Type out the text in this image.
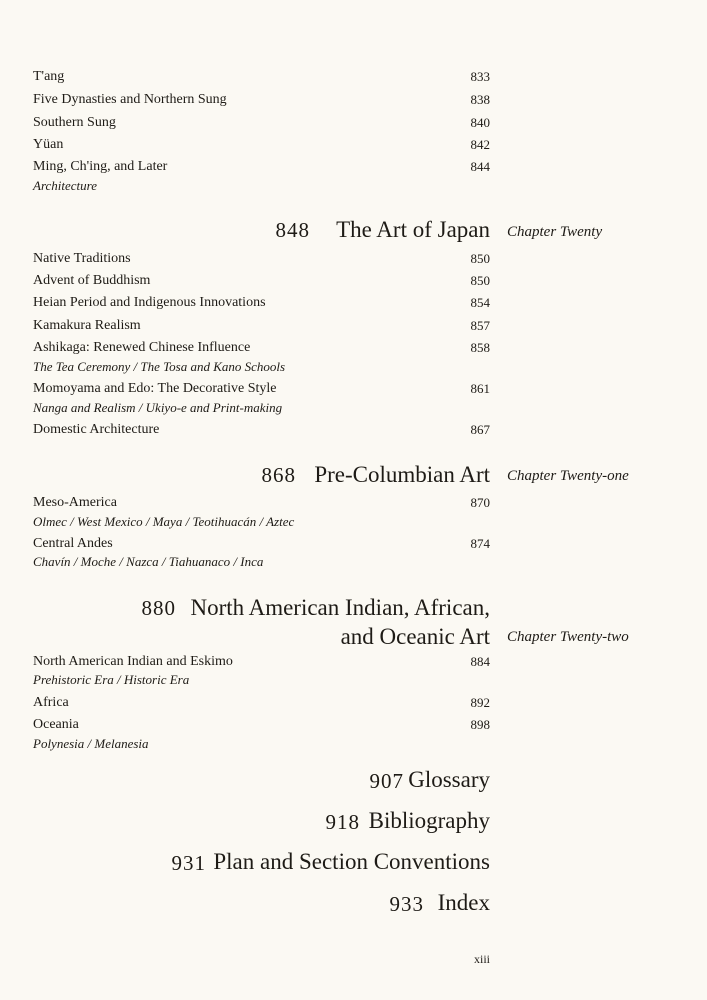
T'ang	833
Five Dynasties and Northern Sung	838
Southern Sung	840
Yüan	842
Ming, Ch'ing, and Later	844
Architecture
848 The Art of Japan Chapter Twenty
Native Traditions	850
Advent of Buddhism	850
Heian Period and Indigenous Innovations	854
Kamakura Realism	857
Ashikaga: Renewed Chinese Influence	858
The Tea Ceremony / The Tosa and Kano Schools
Momoyama and Edo: The Decorative Style	861
Nanga and Realism / Ukiyo-e and Print-making
Domestic Architecture	867
868 Pre-Columbian Art Chapter Twenty-one
Meso-America	870
Olmec / West Mexico / Maya / Teotihuacán / Aztec
Central Andes	874
Chavín / Moche / Nazca / Tiahuanaco / Inca
880 North American Indian, African,
and Oceanic Art Chapter Twenty-two
North American Indian and Eskimo	884
Prehistoric Era / Historic Era
Africa	892
Oceania	898
Polynesia / Melanesia
907 Glossary
918 Bibliography
931 Plan and Section Conventions
933 Index
xiii
